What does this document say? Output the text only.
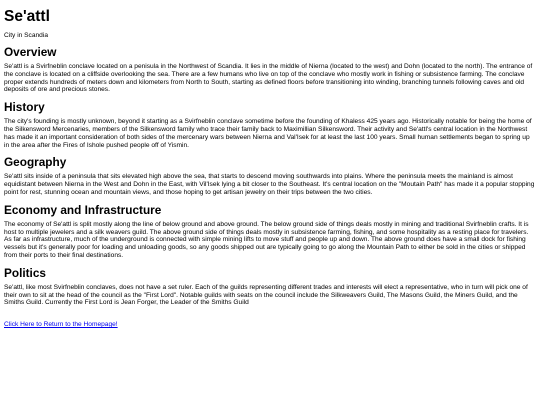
Se'attl
City in Scandia
Overview

Se'attl is a Svirfneblin conclave located on a penisula in the Northwest of Scandia. It lies in the middle of Nierna (located to the west) and Dohn (located to the north). The entrance of the conclave is located on a cliffside overlooking the sea. There are a few humans who live on top of the conclave who mostly work in fishing or subsistence farming. The conclave proper extends hundreds of meters down and kilometers from North to South, starting as defined floors before transitioning into winding, branching tunnels following caves and old deposits of ore and precious stones.

History

The city's founding is mostly unknown, beyond it starting as a Svirfneblin conclave sometime before the founding of Khaless 425 years ago. Historically notable for being the home of the Silkensword Mercenaries, members of the Silkensword family who trace their family back to Maximillian Silkensword. Their activity and Se'attl's central location in the Northwest has made it an important consideration of both sides of the mercenary wars between Nierna and Val'Isek for at least the last 100 years. Small human settlements began to spring up in the area after the Fires of Ishole pushed people off of Yismin.

Geography

Se'attl sits inside of a peninsula that sits elevated high above the sea, that starts to descend moving southwards into plains. Where the peninsula meets the mainland is almost equidistant between Nierna in the West and Dohn in the East, with Vil'Isek lying a bit closer to the Southeast. It's central location on the "Moutain Path" has made it a popular stopping point for rest, stunning ocean and mountain views, and those hoping to get artisan jewelry on their trips between the two cities.

Economy and Infrastructure

The economy of Se'attl is split mostly along the line of below ground and above ground. The below ground side of things deals mostly in mining and traditional Svirfneblin crafts. It is host to multiple jewelers and a silk weavers guild. The above ground side of things deals mostly in subsistence farming, fishing, and some hospitality as a resting place for travelers. As far as infrastructure, much of the underground is connected with simple mining lifts to move stuff and people up and down. The above ground does have a small dock for fishing vessels but it's generally poor for loading and unloading goods, so any goods shipped out are typically going to go along the Mountain Path to either be sold in the cities or shipped from their ports to their final destinations.

Politics

Se'attl, like most Svirfneblin conclaves, does not have a set ruler. Each of the guilds representing different trades and interests will elect a representative, who in turn will pick one of their own to sit at the head of the council as the "First Lord". Notable guilds with seats on the council include the Silkweavers Guild, The Masons Guild, the Miners Guild, and the Smiths Guild. Currently the First Lord is Jean Forger, the Leader of the Smiths Guild

Click Here to Return to the Homepage!
